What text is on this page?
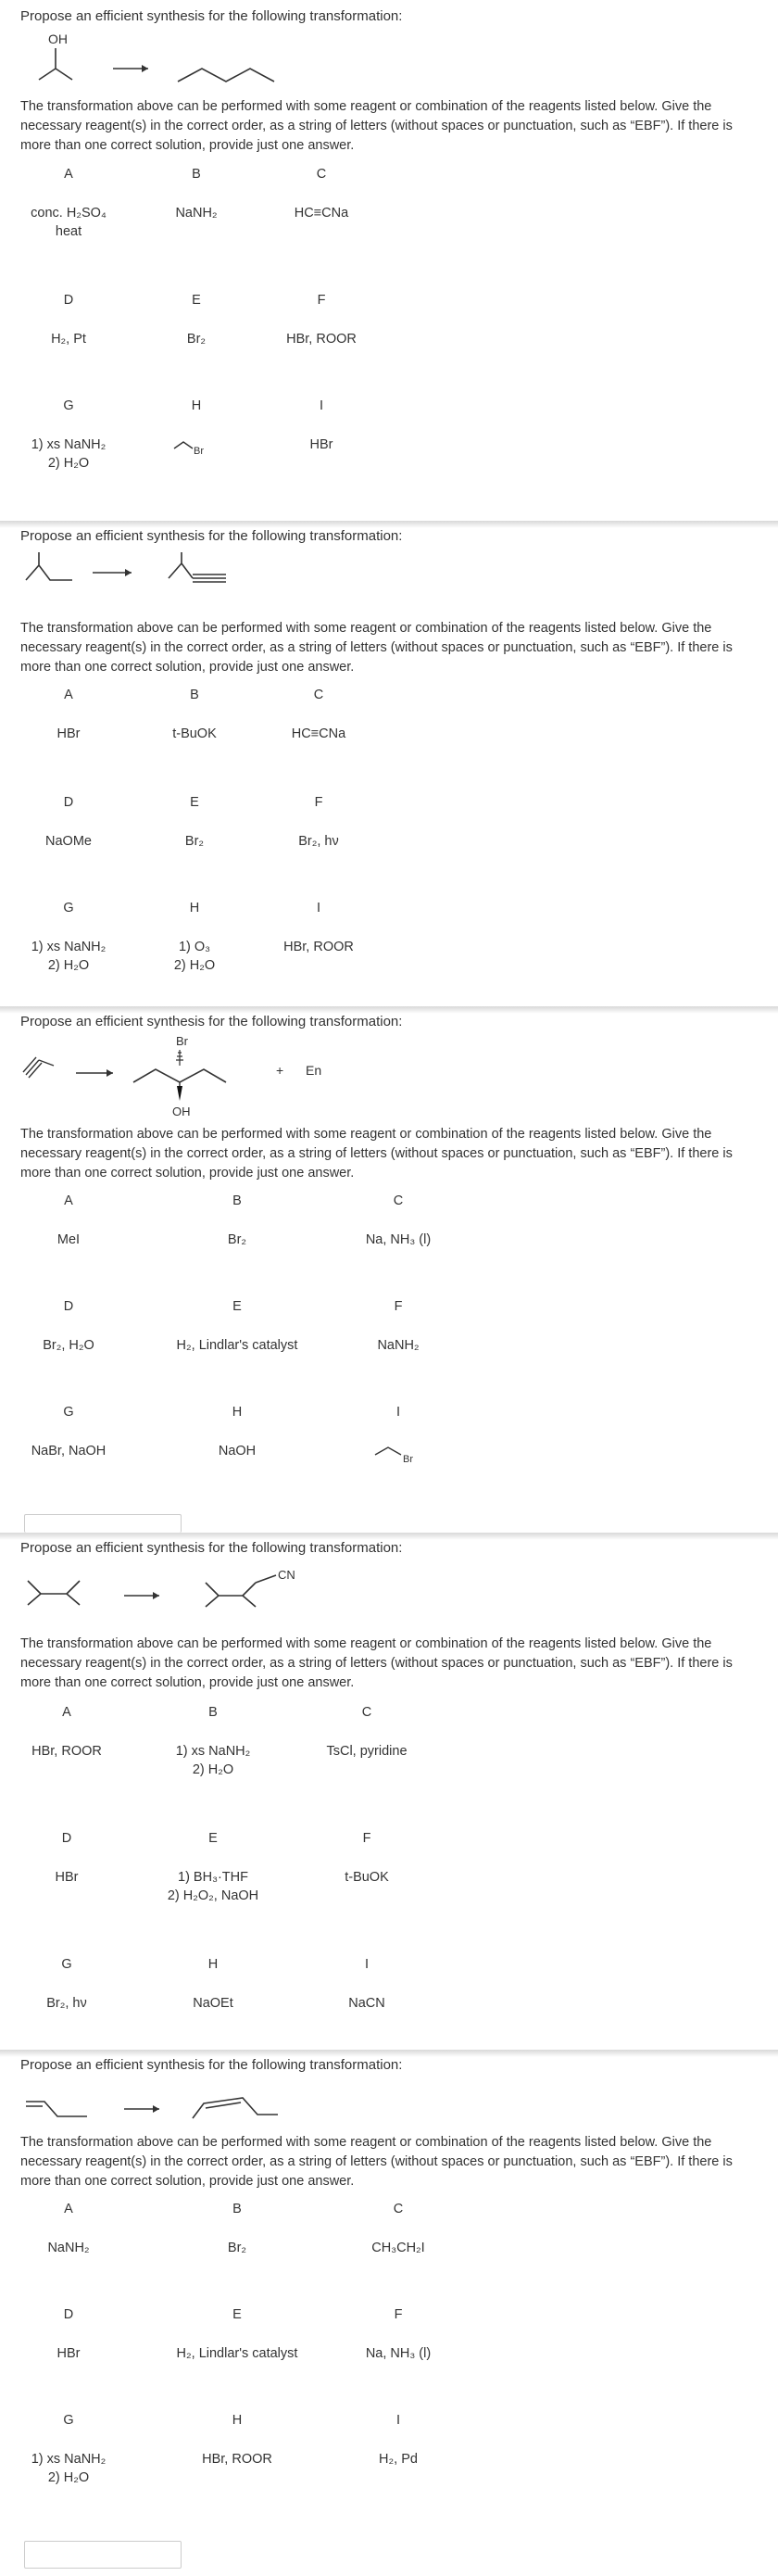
Propose an efficient synthesis for the following transformation:
OH
The transformation above can be performed with some reagent or combination of the reagents listed below. Give the necessary reagent(s) in the correct order, as a string of letters (without spaces or punctuation, such as “EBF”). If there is more than one correct solution, provide just one answer.
A
conc. H₂SO₄
heat
B
NaNH₂
C
HC≡CNa
D
H₂, Pt
E
Br₂
F
HBr, ROOR
G
1) xs NaNH₂
2) H₂O
H
Br
I
HBr
Propose an efficient synthesis for the following transformation:
The transformation above can be performed with some reagent or combination of the reagents listed below. Give the necessary reagent(s) in the correct order, as a string of letters (without spaces or punctuation, such as “EBF”). If there is more than one correct solution, provide just one answer.
A
HBr
B
t-BuOK
C
HC≡CNa
D
NaOMe
E
Br₂
F
Br₂, hν
G
1) xs NaNH₂
2) H₂O
H
1) O₃
2) H₂O
I
HBr, ROOR
Propose an efficient synthesis for the following transformation:
Br
OH
+ En
The transformation above can be performed with some reagent or combination of the reagents listed below. Give the necessary reagent(s) in the correct order, as a string of letters (without spaces or punctuation, such as “EBF”). If there is more than one correct solution, provide just one answer.
A
MeI
B
Br₂
C
Na, NH₃ (l)
D
Br₂, H₂O
E
H₂, Lindlar's catalyst
F
NaNH₂
G
NaBr, NaOH
H
NaOH
I
Br
Propose an efficient synthesis for the following transformation:
CN
The transformation above can be performed with some reagent or combination of the reagents listed below. Give the necessary reagent(s) in the correct order, as a string of letters (without spaces or punctuation, such as “EBF”). If there is more than one correct solution, provide just one answer.
A
HBr, ROOR
B
1) xs NaNH₂
2) H₂O
C
TsCl, pyridine
D
HBr
E
1) BH₃·THF
2) H₂O₂, NaOH
F
t-BuOK
G
Br₂, hν
H
NaOEt
I
NaCN
Propose an efficient synthesis for the following transformation:
The transformation above can be performed with some reagent or combination of the reagents listed below. Give the necessary reagent(s) in the correct order, as a string of letters (without spaces or punctuation, such as “EBF”). If there is more than one correct solution, provide just one answer.
A
NaNH₂
B
Br₂
C
CH₃CH₂I
D
HBr
E
H₂, Lindlar's catalyst
F
Na, NH₃ (l)
G
1) xs NaNH₂
2) H₂O
H
HBr, ROOR
I
H₂, Pd
